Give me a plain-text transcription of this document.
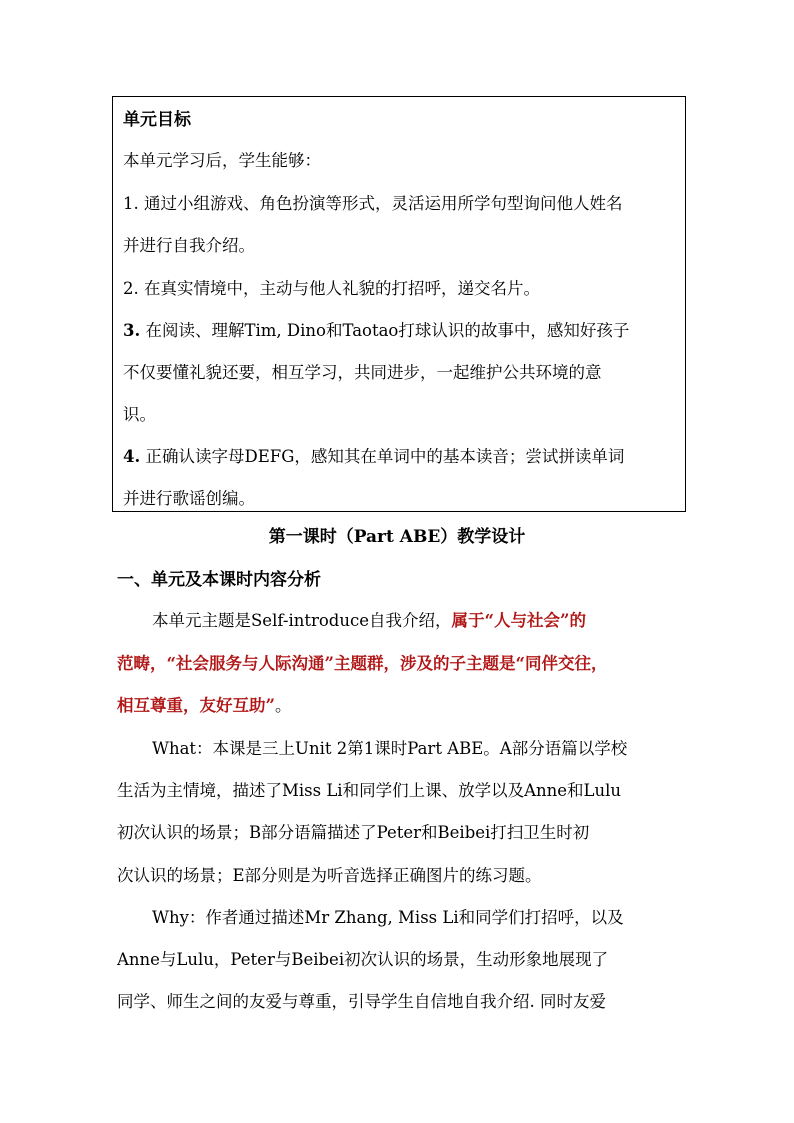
单元目标
本单元学习后，学生能够：
1. 通过小组游戏、角色扮演等形式，灵活运用所学句型询问他人姓名
并进行自我介绍。
2. 在真实情境中，主动与他人礼貌的打招呼，递交名片。
3. 在阅读、理解Tim, Dino和Taotao打球认识的故事中，感知好孩子
不仅要懂礼貌还要，相互学习，共同进步，一起维护公共环境的意
识。
4. 正确认读字母DEFG，感知其在单词中的基本读音；尝试拼读单词
并进行歌谣创编。
第一课时（Part ABE）教学设计
一、单元及本课时内容分析
本单元主题是Self-introduce自我介绍，属于“人与社会”的
范畴，“社会服务与人际沟通”主题群，涉及的子主题是“同伴交往，
相互尊重，友好互助”。
What：本课是三上Unit 2第1课时Part ABE。A部分语篇以学校
生活为主情境，描述了Miss Li和同学们上课、放学以及Anne和Lulu
初次认识的场景；B部分语篇描述了Peter和Beibei打扫卫生时初
次认识的场景；E部分则是为听音选择正确图片的练习题。
Why：作者通过描述Mr Zhang, Miss Li和同学们打招呼，以及
Anne与Lulu，Peter与Beibei初次认识的场景，生动形象地展现了
同学、师生之间的友爱与尊重，引导学生自信地自我介绍. 同时友爱
